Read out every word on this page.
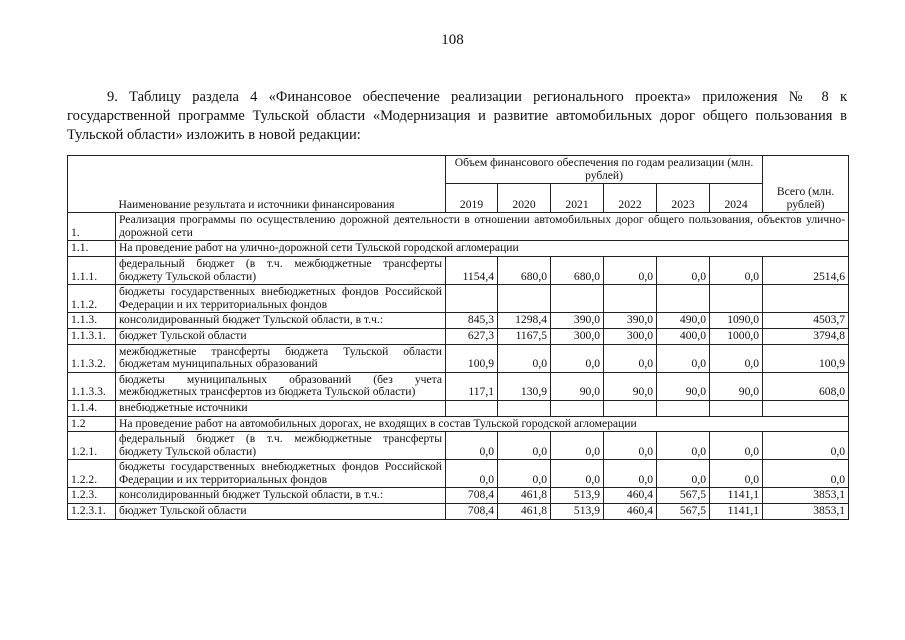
108
9. Таблицу раздела 4 «Финансовое обеспечение реализации регионального проекта» приложения № 8 к государственной программе Тульской области «Модернизация и развитие автомобильных дорог общего пользования в Тульской области» изложить в новой редакции:
Наименование результата и источники финансирования		Объем финансового обеспечения по годам реализации (млн. рублей)						Всего (млн. рублей)
		2019	2020	2021	2022	2023	2024	
1.	Реализация программы по осуществлению дорожной деятельности в отношении автомобильных дорог общего пользования, объектов улично-дорожной сети							
1.1.	На проведение работ на улично-дорожной сети Тульской городской агломерации							
1.1.1.	федеральный бюджет (в т.ч. межбюджетные трансферты бюджету Тульской области)	1154,4	680,0	680,0	0,0	0,0	0,0	2514,6
1.1.2.	бюджеты государственных внебюджетных фондов Российской Федерации и их территориальных фондов							
1.1.3.	консолидированный бюджет Тульской области, в т.ч.:	845,3	1298,4	390,0	390,0	490,0	1090,0	4503,7
1.1.3.1.	бюджет Тульской области	627,3	1167,5	300,0	300,0	400,0	1000,0	3794,8
1.1.3.2.	межбюджетные трансферты бюджета Тульской области бюджетам муниципальных образований	100,9	0,0	0,0	0,0	0,0	0,0	100,9
1.1.3.3.	бюджеты муниципальных образований (без учета межбюджетных трансфертов из бюджета Тульской области)	117,1	130,9	90,0	90,0	90,0	90,0	608,0
1.1.4.	внебюджетные источники							
1.2	На проведение работ на автомобильных дорогах, не входящих в состав Тульской городской агломерации							
1.2.1.	федеральный бюджет (в т.ч. межбюджетные трансферты бюджету Тульской области)	0,0	0,0	0,0	0,0	0,0	0,0	0,0
1.2.2.	бюджеты государственных внебюджетных фондов Российской Федерации и их территориальных фондов	0,0	0,0	0,0	0,0	0,0	0,0	0,0
1.2.3.	консолидированный бюджет Тульской области, в т.ч.:	708,4	461,8	513,9	460,4	567,5	1141,1	3853,1
1.2.3.1.	бюджет Тульской области	708,4	461,8	513,9	460,4	567,5	1141,1	3853,1
